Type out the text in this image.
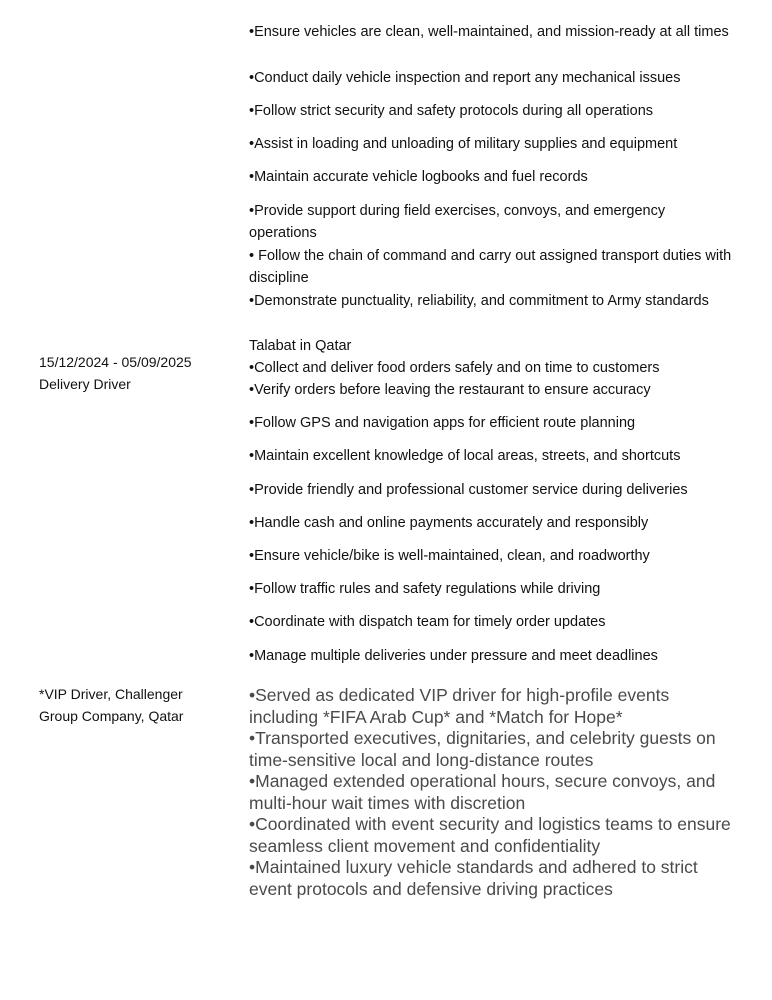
•Ensure vehicles are clean, well-maintained, and mission-ready at all times
•Conduct daily vehicle inspection and report any mechanical issues
•Follow strict security and safety protocols during all operations
•Assist in loading and unloading of military supplies and equipment
•Maintain accurate vehicle logbooks and fuel records
•Provide support during field exercises, convoys, and emergency operations
• Follow the chain of command and carry out assigned transport duties with discipline
•Demonstrate punctuality, reliability, and commitment to Army standards
15/12/2024 - 05/09/2025
Delivery Driver
Talabat in Qatar
•Collect and deliver food orders safely and on time to customers
•Verify orders before leaving the restaurant to ensure accuracy
•Follow GPS and navigation apps for efficient route planning
•Maintain excellent knowledge of local areas, streets, and shortcuts
•Provide friendly and professional customer service during deliveries
•Handle cash and online payments accurately and responsibly
•Ensure vehicle/bike is well-maintained, clean, and roadworthy
•Follow traffic rules and safety regulations while driving
•Coordinate with dispatch team for timely order updates
•Manage multiple deliveries under pressure and meet deadlines
*VIP Driver, Challenger
Group Company, Qatar
•Served as dedicated VIP driver for high-profile events including *FIFA Arab Cup* and *Match for Hope*
•Transported executives, dignitaries, and celebrity guests on time-sensitive local and long-distance routes
•Managed extended operational hours, secure convoys, and multi-hour wait times with discretion
•Coordinated with event security and logistics teams to ensure seamless client movement and confidentiality
•Maintained luxury vehicle standards and adhered to strict event protocols and defensive driving practices
